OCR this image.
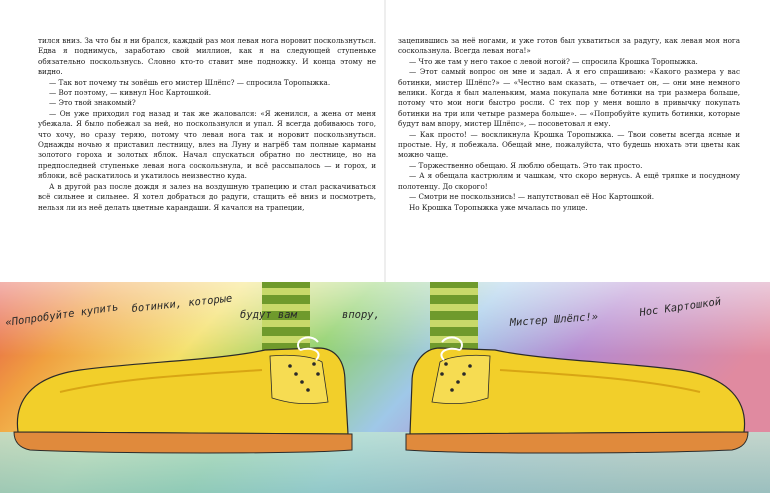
тился вниз. За что бы я ни брался, каждый раз моя левая нога норовит поскользнуться. Едва я поднимусь, заработаю свой миллион, как я на следующей ступеньке обязательно поскользнусь. Словно кто-то ставит мне подножку. И конца этому не видно.

— Так вот почему ты зовёшь его мистер Шлёпс? — спросила Торопыжка.

— Вот поэтому, — кивнул Нос Картошкой.

— Это твой знакомый?

— Он уже приходил год назад и так же жаловался: «Я женился, а жена от меня убежала. Я было побежал за ней, но поскользнулся и упал. Я всегда добиваюсь того, что хочу, но сразу теряю, потому что левая нога так и норовит поскользнуться. Однажды ночью я приставил лестницу, влез на Луну и нагрёб там полные карманы золотого гороха и золотых яблок. Начал спускаться обратно по лестнице, но на предпоследней ступеньке левая нога соскользнула, и всё рассыпалось — и горох, и яблоки, всё раскатилось и укатилось неизвестно куда.

А в другой раз после дождя я залез на воздушную трапецию и стал раскачиваться всё сильнее и сильнее. Я хотел добраться до радуги, стащить её вниз и посмотреть, нельзя ли из неё делать цветные карандаши. Я качался на трапеции,

зацепившись за неё ногами, и уже готов был ухватиться за радугу, как левая моя нога соскользнула. Всегда левая нога!»

— Что же там у него такое с левой ногой? — спросила Крошка Торопыжка.

— Этот самый вопрос он мне и задал. А я его спрашиваю: «Какого размера у вас ботинки, мистер Шлёпс?» — «Честно вам сказать, — отвечает он, — они мне немного велики. Когда я был маленьким, мама покупала мне ботинки на три размера больше, потому что мои ноги быстро росли. С тех пор у меня вошло в привычку покупать ботинки на три или четыре размера больше». — «Попробуйте купить ботинки, которые будут вам впору, мистер Шлёпс», — посоветовал я ему.

— Как просто! — воскликнула Крошка Торопыжка. — Твои советы всегда ясные и простые. Ну, я побежала. Обещай мне, пожалуйста, что будешь нюхать эти цветы как можно чаще.

— Торжественно обещаю. Я люблю обещать. Это так просто.

— А я обещала кастрюлям и чашкам, что скоро вернусь. А ещё тряпке и посудному полотенцу. До скорого!

— Смотри не поскользнись! — напутствовал её Нос Картошкой.

Но Крошка Торопыжка уже мчалась по улице.

«Попробуйте купить ботинки, которые
будут вам	впору,	Мистер Шлёпс!»
Нос Картошкой
